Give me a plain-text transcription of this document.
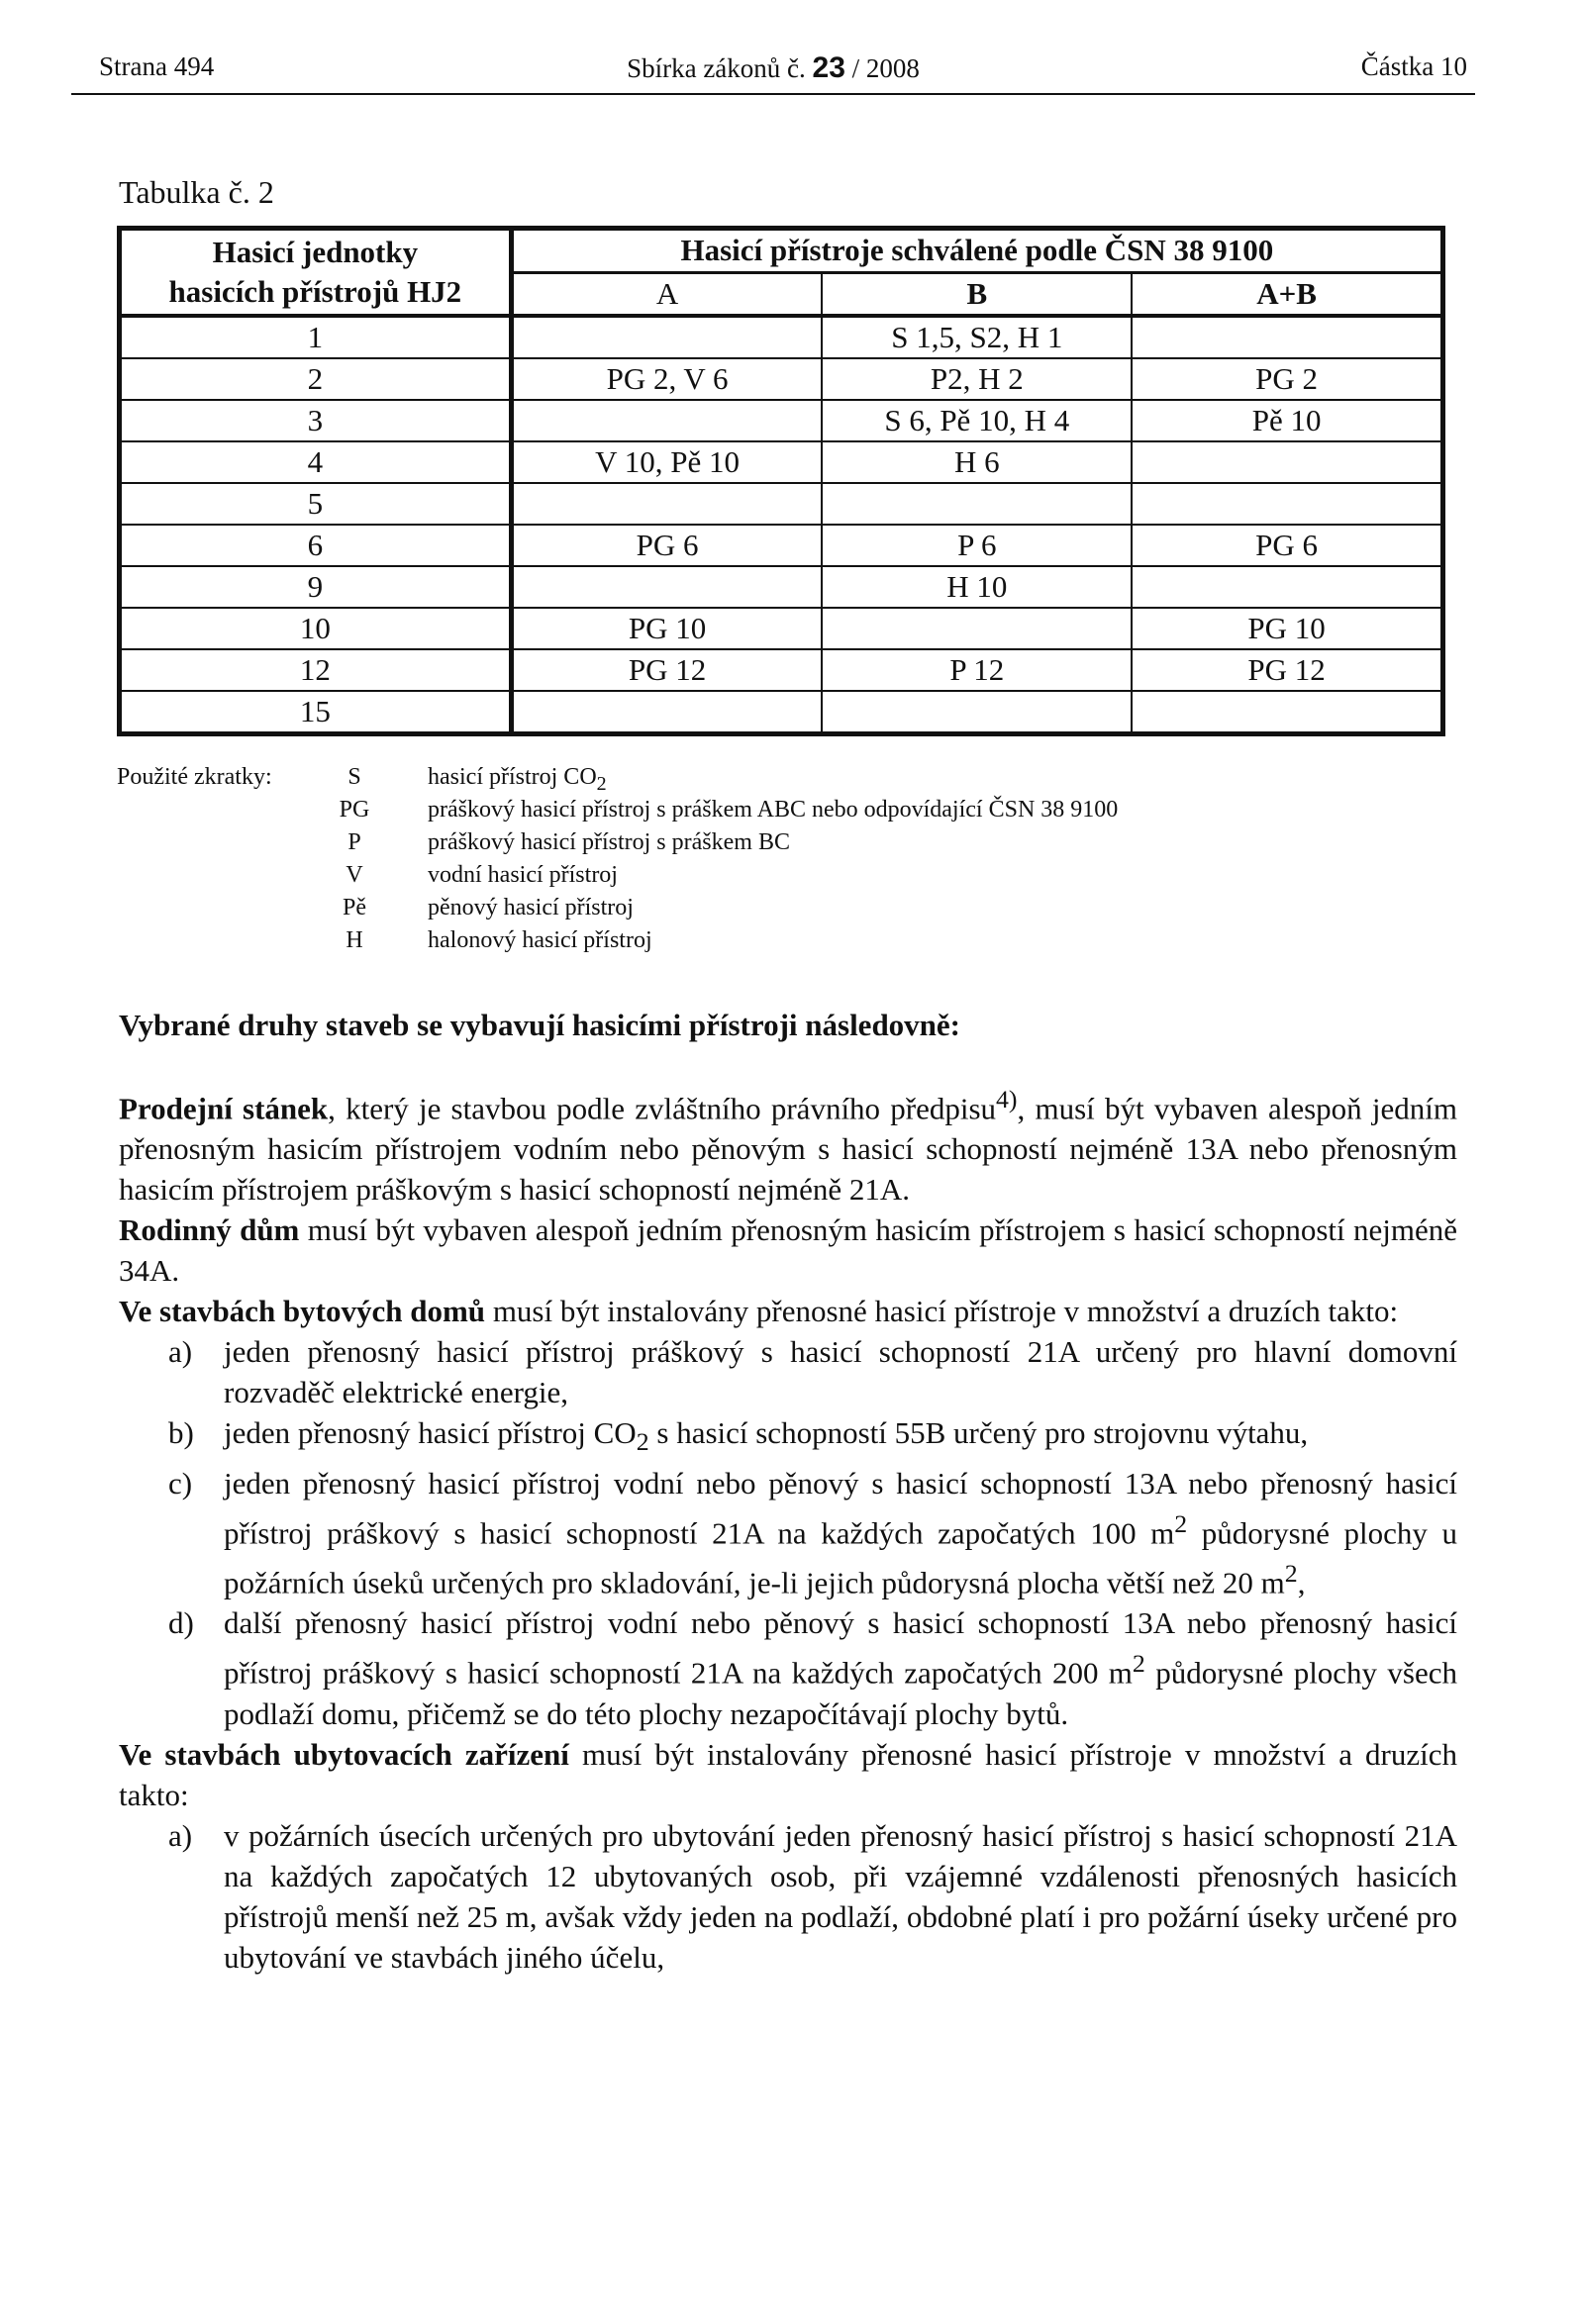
Strana 494	Sbírka zákonů č. 23 / 2008	Částka 10
Tabulka č. 2
Hasicí jednotky
hasicích přístrojů HJ2	Hasicí přístroje schválené podle ČSN 38 9100		
	A	B	A+B
1		S 1,5, S2, H 1	
2	PG 2, V 6	P2, H 2	PG 2
3		S 6, Pě 10, H 4	Pě 10
4	V 10, Pě 10	H 6	
5			
6	PG 6	P 6	PG 6
9		H 10	
10	PG 10		PG 10
12	PG 12	P 12	PG 12
15			
Použité zkratky:	S	hasicí přístroj $CO_2$
PG	práškový hasicí přístroj s práškem ABC nebo odpovídající ČSN 38 9100
P	práškový hasicí přístroj s práškem BC
V	vodní hasicí přístroj
Pě	pěnový hasicí přístroj
H	halonový hasicí přístroj
Vybrané druhy staveb se vybavují hasicími přístroji následovně:

Prodejní stánek, který je stavbou podle zvláštního právního předpisu$^{4)}$, musí být vybaven alespoň jedním přenosným hasicím přístrojem vodním nebo pěnovým s hasicí schopností nejméně 13A nebo přenosným hasicím přístrojem práškovým s hasicí schopností nejméně 21A.

Rodinný dům musí být vybaven alespoň jedním přenosným hasicím přístrojem s hasicí schopností nejméně 34A.

Ve stavbách bytových domů musí být instalovány přenosné hasicí přístroje v množství a druzích takto:

a) jeden přenosný hasicí přístroj práškový s hasicí schopností 21A určený pro hlavní domovní rozvaděč elektrické energie,
b) jeden přenosný hasicí přístroj $CO_2$ s hasicí schopností 55B určený pro strojovnu výtahu,
c) jeden přenosný hasicí přístroj vodní nebo pěnový s hasicí schopností 13A nebo přenosný hasicí přístroj práškový s hasicí schopností 21A na každých započatých 100 $m^2$ půdorysné plochy u požárních úseků určených pro skladování, je-li jejich půdorysná plocha větší než 20 $m^2$,
d) další přenosný hasicí přístroj vodní nebo pěnový s hasicí schopností 13A nebo přenosný hasicí přístroj práškový s hasicí schopností 21A na každých započatých 200 $m^2$ půdorysné plochy všech podlaží domu, přičemž se do této plochy nezapočítávají plochy bytů.

Ve stavbách ubytovacích zařízení musí být instalovány přenosné hasicí přístroje v množství a druzích takto:

a) v požárních úsecích určených pro ubytování jeden přenosný hasicí přístroj s hasicí schopností 21A na každých započatých 12 ubytovaných osob, při vzájemné vzdálenosti přenosných hasicích přístrojů menší než 25 m, avšak vždy jeden na podlaží, obdobné platí i pro požární úseky určené pro ubytování ve stavbách jiného účelu,
